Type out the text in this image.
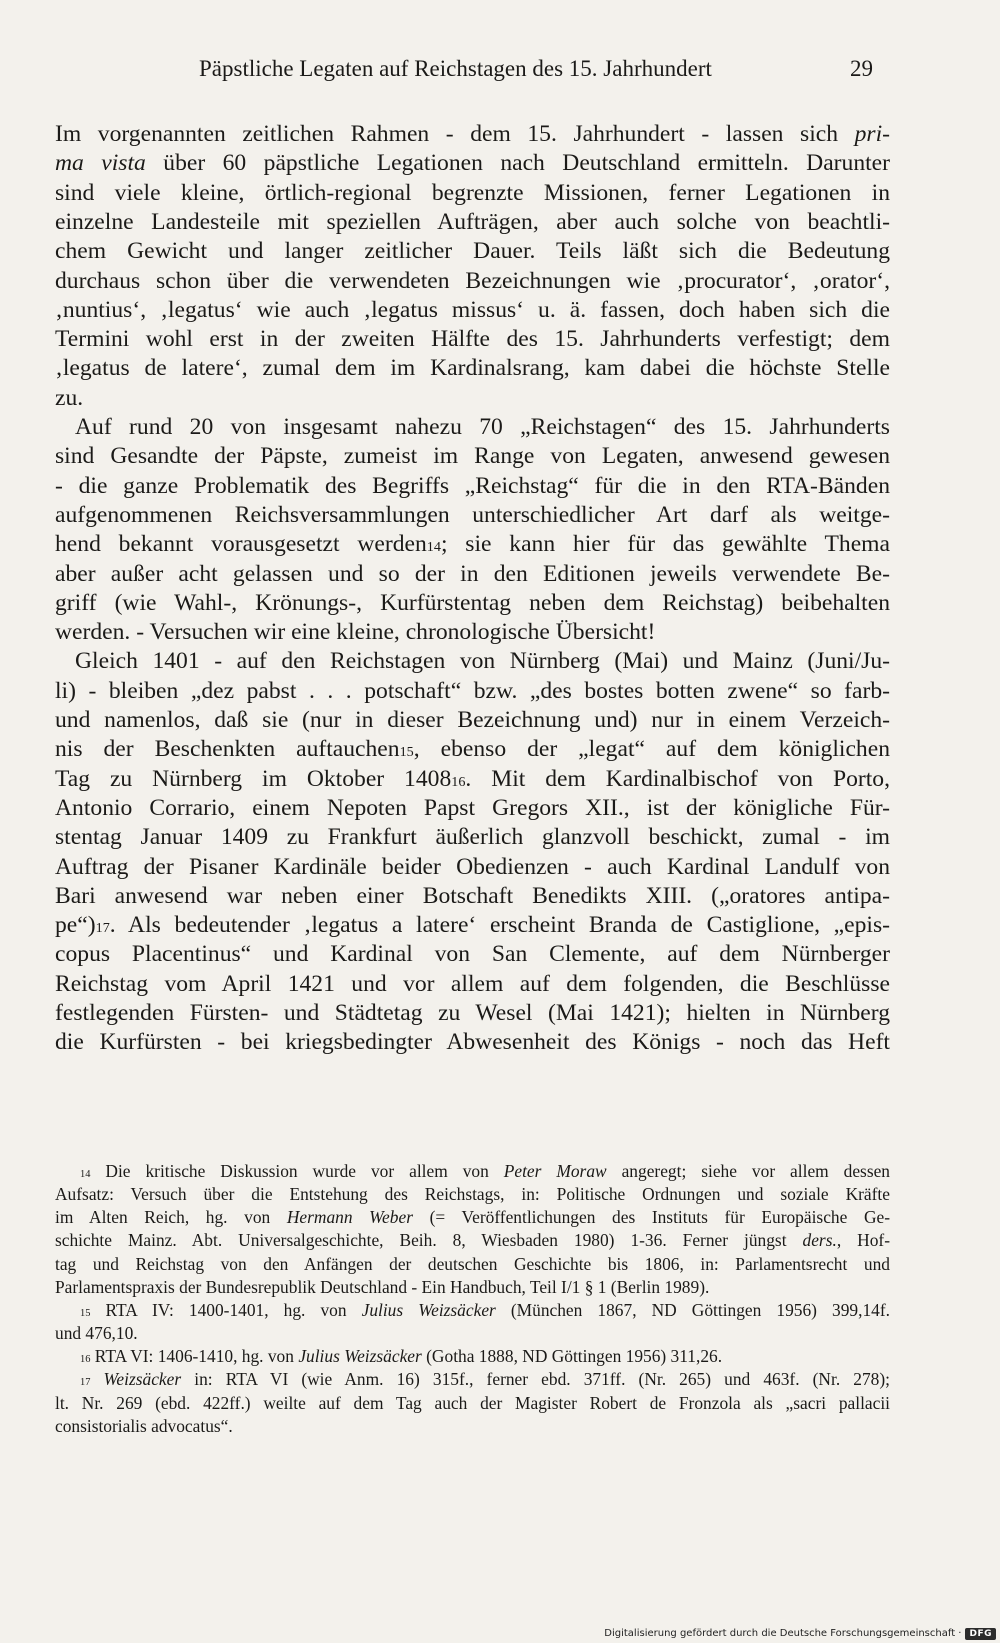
Päpstliche Legaten auf Reichstagen des 15. Jahrhundert	29
Im vorgenannten zeitlichen Rahmen - dem 15. Jahrhundert - lassen sich pri-
ma vista über 60 päpstliche Legationen nach Deutschland ermitteln. Darunter
sind viele kleine, örtlich-regional begrenzte Missionen, ferner Legationen in
einzelne Landesteile mit speziellen Aufträgen, aber auch solche von beachtli-
chem Gewicht und langer zeitlicher Dauer. Teils läßt sich die Bedeutung
durchaus schon über die verwendeten Bezeichnungen wie ‚procurator‘, ‚orator‘,
‚nuntius‘, ‚legatus‘ wie auch ‚legatus missus‘ u. ä. fassen, doch haben sich die
Termini wohl erst in der zweiten Hälfte des 15. Jahrhunderts verfestigt; dem
‚legatus de latere‘, zumal dem im Kardinalsrang, kam dabei die höchste Stelle
zu.
Auf rund 20 von insgesamt nahezu 70 „Reichstagen“ des 15. Jahrhunderts
sind Gesandte der Päpste, zumeist im Range von Legaten, anwesend gewesen
- die ganze Problematik des Begriffs „Reichstag“ für die in den RTA-Bänden
aufgenommenen Reichsversammlungen unterschiedlicher Art darf als weitge-
hend bekannt vorausgesetzt werden$^{14}$; sie kann hier für das gewählte Thema
aber außer acht gelassen und so der in den Editionen jeweils verwendete Be-
griff (wie Wahl-, Krönungs-, Kurfürstentag neben dem Reichstag) beibehalten
werden. - Versuchen wir eine kleine, chronologische Übersicht!
Gleich 1401 - auf den Reichstagen von Nürnberg (Mai) und Mainz (Juni/Ju-
li) - bleiben „dez pabst . . . potschaft“ bzw. „des bostes botten zwene“ so farb-
und namenlos, daß sie (nur in dieser Bezeichnung und) nur in einem Verzeich-
nis der Beschenkten auftauchen$^{15}$, ebenso der „legat“ auf dem königlichen
Tag zu Nürnberg im Oktober 1408$^{16}$. Mit dem Kardinalbischof von Porto,
Antonio Corrario, einem Nepoten Papst Gregors XII., ist der königliche Für-
stentag Januar 1409 zu Frankfurt äußerlich glanzvoll beschickt, zumal - im
Auftrag der Pisaner Kardinäle beider Obedienzen - auch Kardinal Landulf von
Bari anwesend war neben einer Botschaft Benedikts XIII. („oratores antipa-
pe“)$^{17}$. Als bedeutender ‚legatus a latere‘ erscheint Branda de Castiglione, „epis-
copus Placentinus“ und Kardinal von San Clemente, auf dem Nürnberger
Reichstag vom April 1421 und vor allem auf dem folgenden, die Beschlüsse
festlegenden Fürsten- und Städtetag zu Wesel (Mai 1421); hielten in Nürnberg
die Kurfürsten - bei kriegsbedingter Abwesenheit des Königs - noch das Heft
$^{14}$ Die kritische Diskussion wurde vor allem von Peter Moraw angeregt; siehe vor allem dessen
Aufsatz: Versuch über die Entstehung des Reichstags, in: Politische Ordnungen und soziale Kräfte
im Alten Reich, hg. von Hermann Weber (= Veröffentlichungen des Instituts für Europäische Ge-
schichte Mainz. Abt. Universalgeschichte, Beih. 8, Wiesbaden 1980) 1-36. Ferner jüngst ders., Hof-
tag und Reichstag von den Anfängen der deutschen Geschichte bis 1806, in: Parlamentsrecht und
Parlamentspraxis der Bundesrepublik Deutschland - Ein Handbuch, Teil I/1 § 1 (Berlin 1989).
$^{15}$ RTA IV: 1400-1401, hg. von Julius Weizsäcker (München 1867, ND Göttingen 1956) 399,14f.
und 476,10.
$^{16}$ RTA VI: 1406-1410, hg. von Julius Weizsäcker (Gotha 1888, ND Göttingen 1956) 311,26.
$^{17}$ Weizsäcker in: RTA VI (wie Anm. 16) 315f., ferner ebd. 371ff. (Nr. 265) und 463f. (Nr. 278);
lt. Nr. 269 (ebd. 422ff.) weilte auf dem Tag auch der Magister Robert de Fronzola als „sacri pallacii
consistorialis advocatus“.
Digitalisierung gefördert durch die Deutsche Forschungsgemeinschaft · DFG
